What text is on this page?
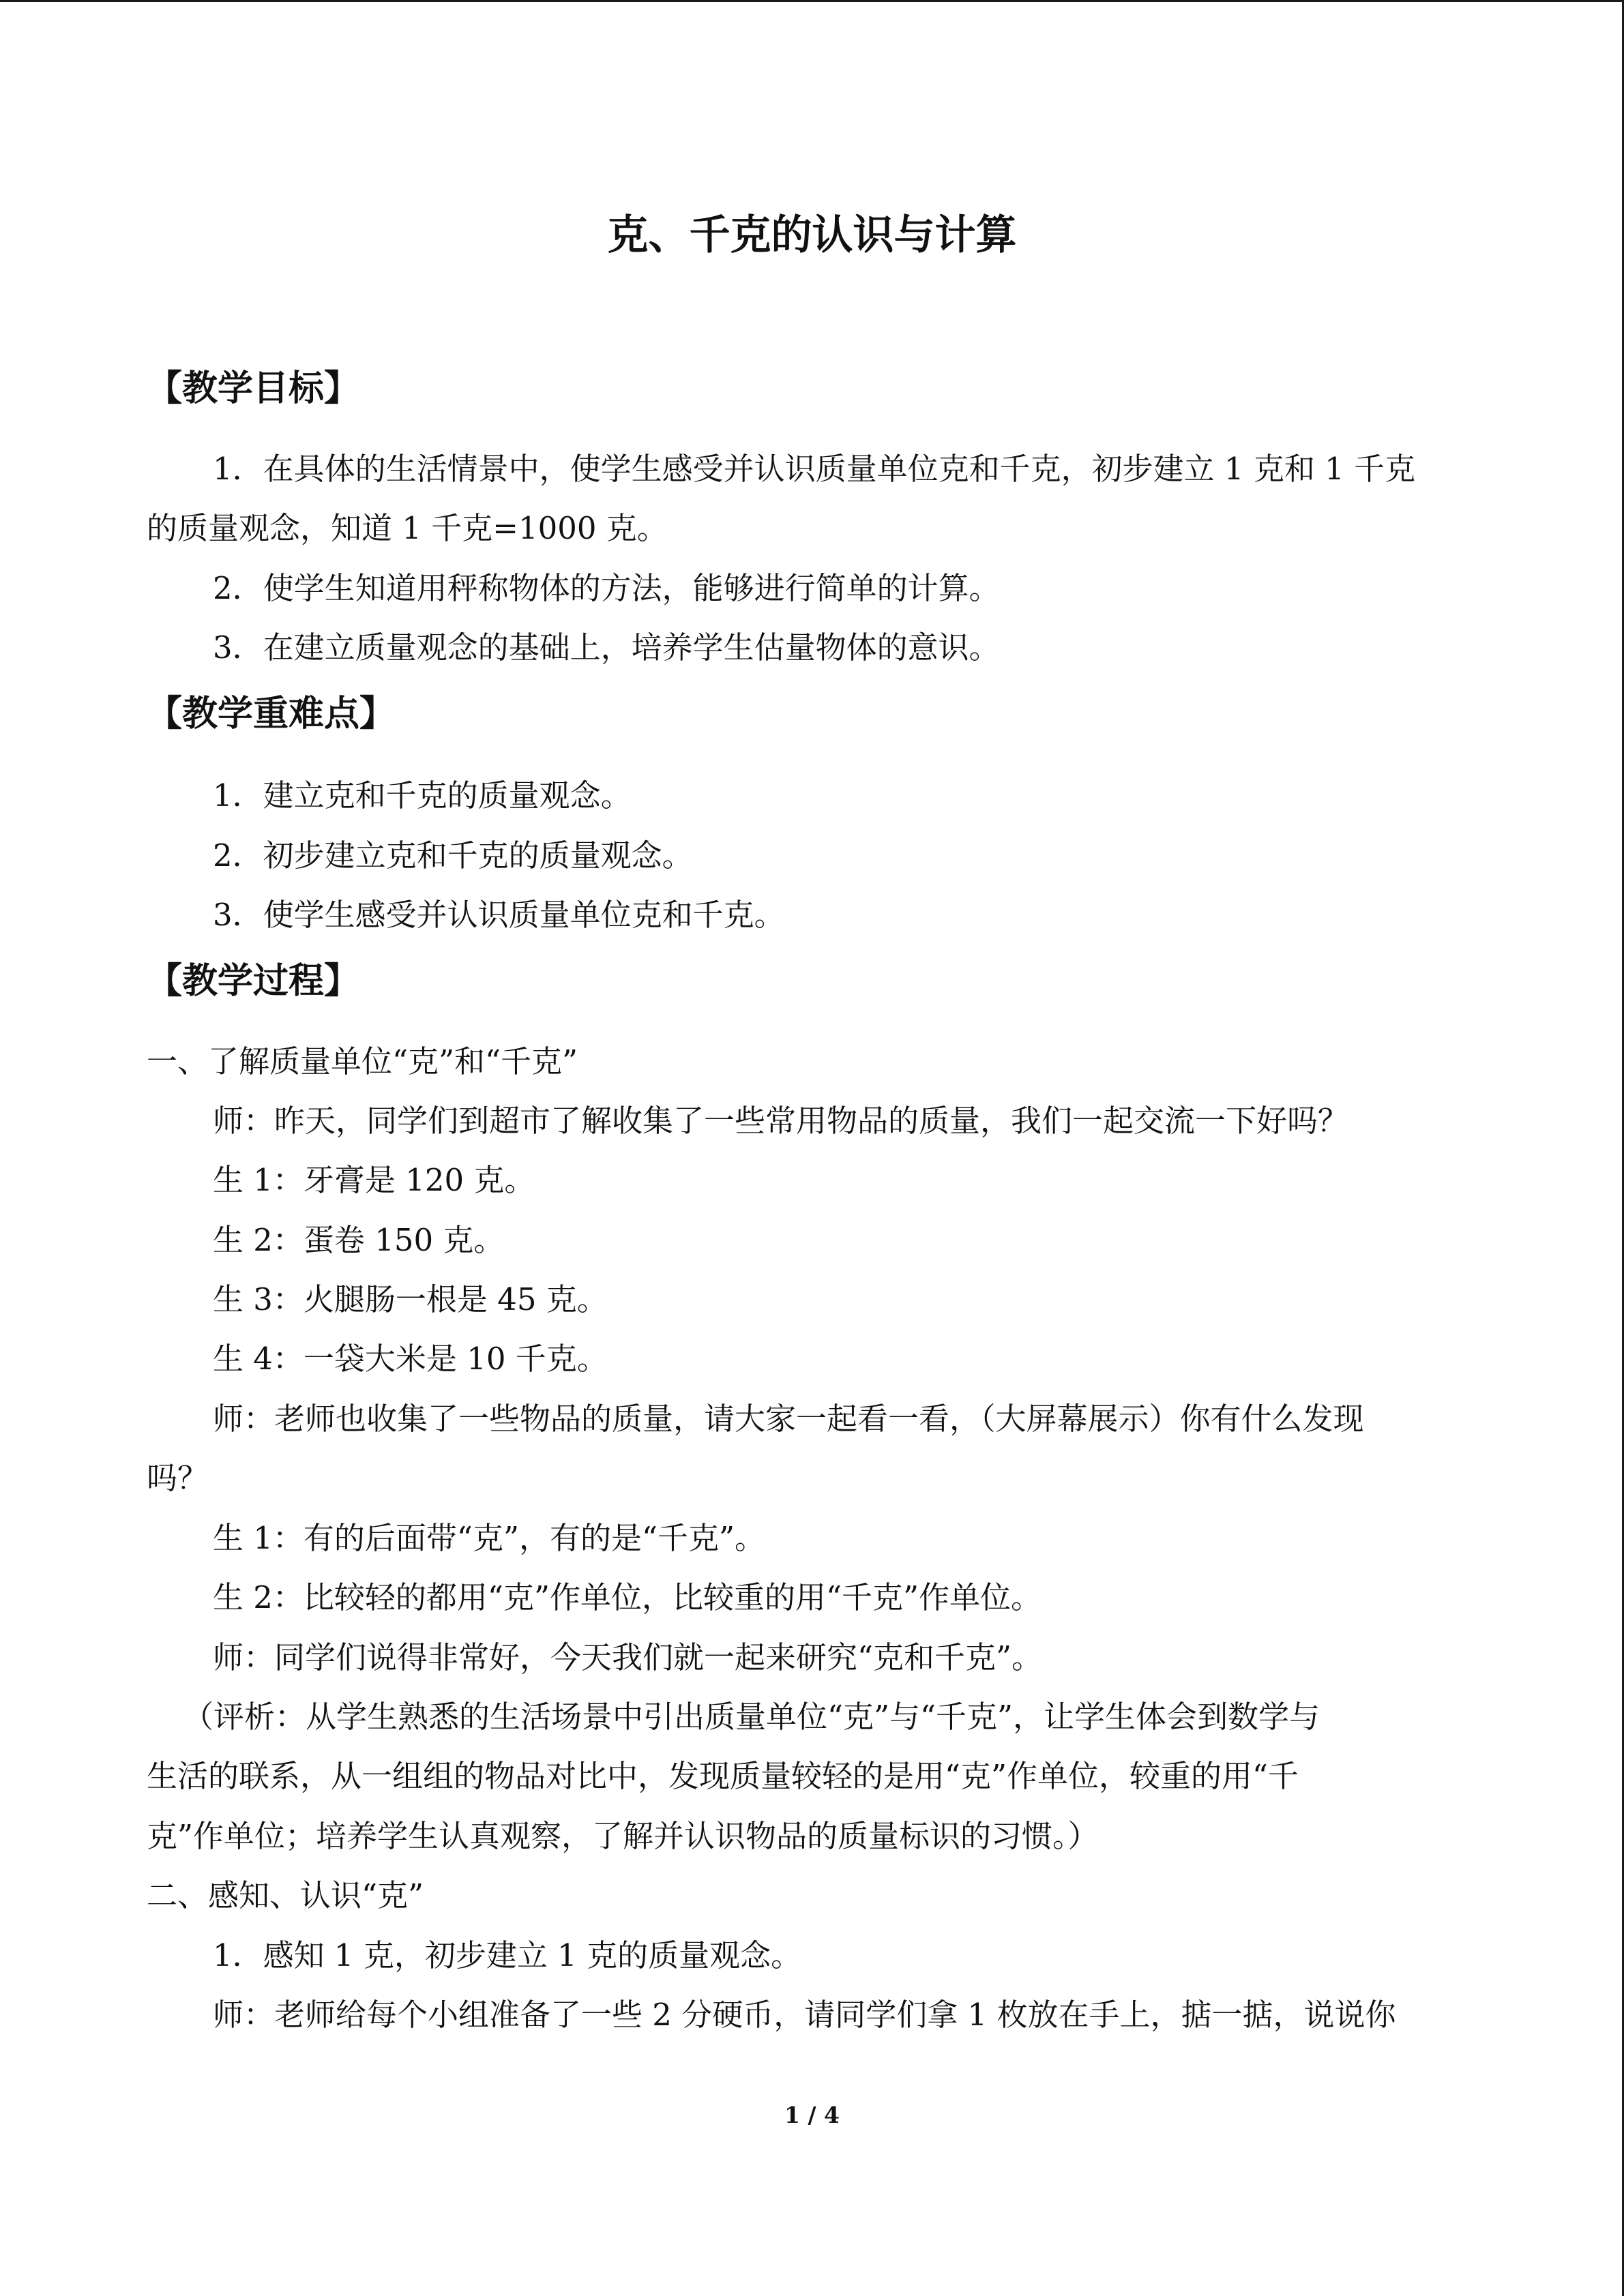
克、千克的认识与计算
【教学目标】
1．在具体的生活情景中，使学生感受并认识质量单位克和千克，初步建立 1 克和 1 千克
的质量观念，知道 1 千克=1000 克。
2．使学生知道用秤称物体的方法，能够进行简单的计算。
3．在建立质量观念的基础上，培养学生估量物体的意识。
【教学重难点】
1．建立克和千克的质量观念。
2．初步建立克和千克的质量观念。
3．使学生感受并认识质量单位克和千克。
【教学过程】
一、了解质量单位“克”和“千克”
师：昨天，同学们到超市了解收集了一些常用物品的质量，我们一起交流一下好吗？
生 1：牙膏是 120 克。
生 2：蛋卷 150 克。
生 3：火腿肠一根是 45 克。
生 4：一袋大米是 10 千克。
师：老师也收集了一些物品的质量，请大家一起看一看，（大屏幕展示）你有什么发现
吗？
生 1：有的后面带“克”，有的是“千克”。
生 2：比较轻的都用“克”作单位，比较重的用“千克”作单位。
师：同学们说得非常好，今天我们就一起来研究“克和千克”。
（评析：从学生熟悉的生活场景中引出质量单位“克”与“千克”，让学生体会到数学与
生活的联系，从一组组的物品对比中，发现质量较轻的是用“克”作单位，较重的用“千
克”作单位；培养学生认真观察，了解并认识物品的质量标识的习惯。）
二、感知、认识“克”
1．感知 1 克，初步建立 1 克的质量观念。
师：老师给每个小组准备了一些 2 分硬币，请同学们拿 1 枚放在手上，掂一掂，说说你
1 / 4
